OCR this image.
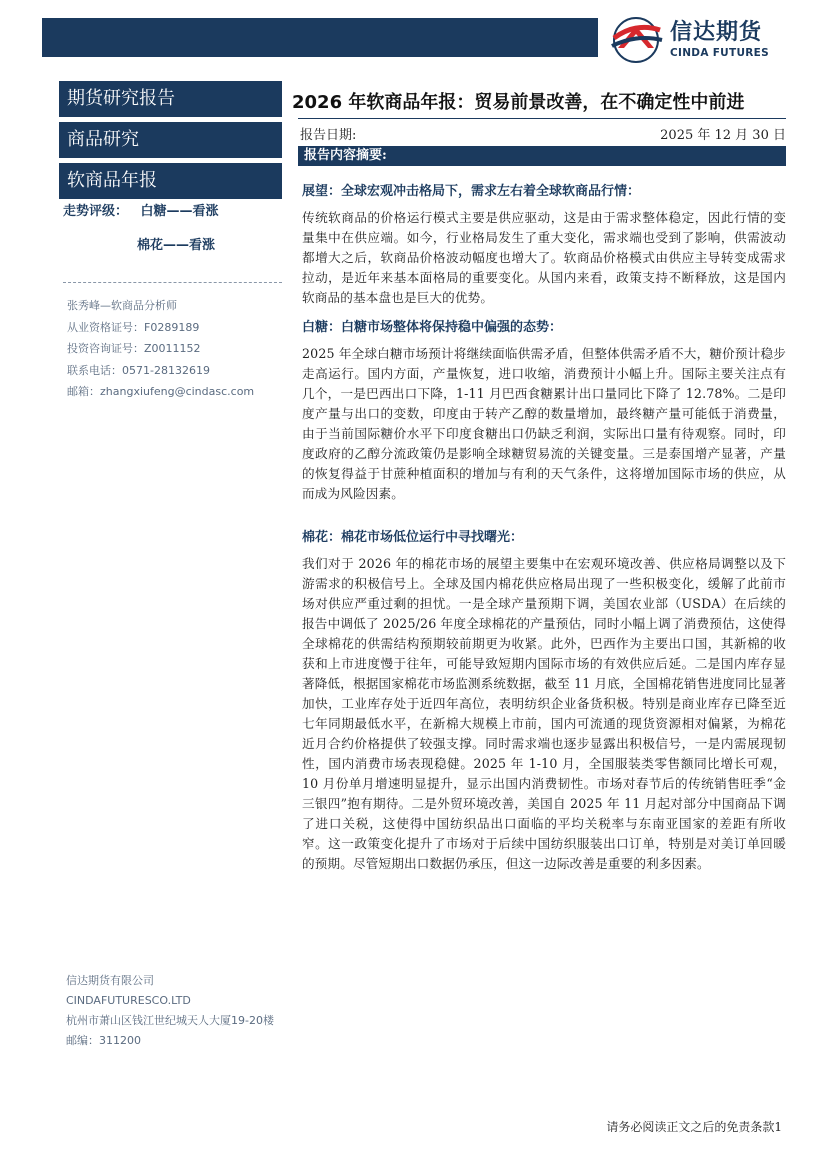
信达期货
CINDA FUTURES
期货研究报告
商品研究
软商品年报
走势评级： 白糖——看涨
棉花——看涨
张秀峰—软商品分析师
从业资格证号：F0289189
投资咨询证号：Z0011152
联系电话：0571-28132619
邮箱：zhangxiufeng@cindasc.com
信达期货有限公司
CINDAFUTURESCO.LTD
杭州市萧山区钱江世纪城天人大厦19-20楼
邮编：311200
2026 年软商品年报：贸易前景改善，在不确定性中前进
报告日期:	2025 年 12 月 30 日
报告内容摘要:
展望：全球宏观冲击格局下，需求左右着全球软商品行情：
传统软商品的价格运行模式主要是供应驱动，这是由于需求整体稳定，因此行情的变量集中在供应端。如今，行业格局发生了重大变化，需求端也受到了影响，供需波动都增大之后，软商品价格波动幅度也增大了。软商品价格模式由供应主导转变成需求拉动，是近年来基本面格局的重要变化。从国内来看，政策支持不断释放，这是国内软商品的基本盘也是巨大的优势。
白糖：白糖市场整体将保持稳中偏强的态势：
2025 年全球白糖市场预计将继续面临供需矛盾，但整体供需矛盾不大，糖价预计稳步走高运行。国内方面，产量恢复，进口收缩，消费预计小幅上升。国际主要关注点有几个，一是巴西出口下降，1-11 月巴西食糖累计出口量同比下降了 12.78%。二是印度产量与出口的变数，印度由于转产乙醇的数量增加，最终糖产量可能低于消费量，由于当前国际糖价水平下印度食糖出口仍缺乏利润，实际出口量有待观察。同时，印度政府的乙醇分流政策仍是影响全球糖贸易流的关键变量。三是泰国增产显著，产量的恢复得益于甘蔗种植面积的增加与有利的天气条件，这将增加国际市场的供应，从而成为风险因素。
棉花：棉花市场低位运行中寻找曙光：
我们对于 2026 年的棉花市场的展望主要集中在宏观环境改善、供应格局调整以及下游需求的积极信号上。全球及国内棉花供应格局出现了一些积极变化，缓解了此前市场对供应严重过剩的担忧。一是全球产量预期下调，美国农业部（USDA）在后续的报告中调低了 2025/26 年度全球棉花的产量预估，同时小幅上调了消费预估，这使得全球棉花的供需结构预期较前期更为收紧。此外，巴西作为主要出口国，其新棉的收获和上市进度慢于往年，可能导致短期内国际市场的有效供应后延。二是国内库存显著降低，根据国家棉花市场监测系统数据，截至 11 月底，全国棉花销售进度同比显著加快，工业库存处于近四年高位，表明纺织企业备货积极。特别是商业库存已降至近七年同期最低水平，在新棉大规模上市前，国内可流通的现货资源相对偏紧，为棉花近月合约价格提供了较强支撑。同时需求端也逐步显露出积极信号，一是内需展现韧性，国内消费市场表现稳健。2025 年 1-10 月，全国服装类零售额同比增长可观，10 月份单月增速明显提升，显示出国内消费韧性。市场对春节后的传统销售旺季“金三银四”抱有期待。二是外贸环境改善，美国自 2025 年 11 月起对部分中国商品下调了进口关税，这使得中国纺织品出口面临的平均关税率与东南亚国家的差距有所收窄。这一政策变化提升了市场对于后续中国纺织服装出口订单，特别是对美订单回暖的预期。尽管短期出口数据仍承压，但这一边际改善是重要的利多因素。
请务必阅读正文之后的免责条款1
